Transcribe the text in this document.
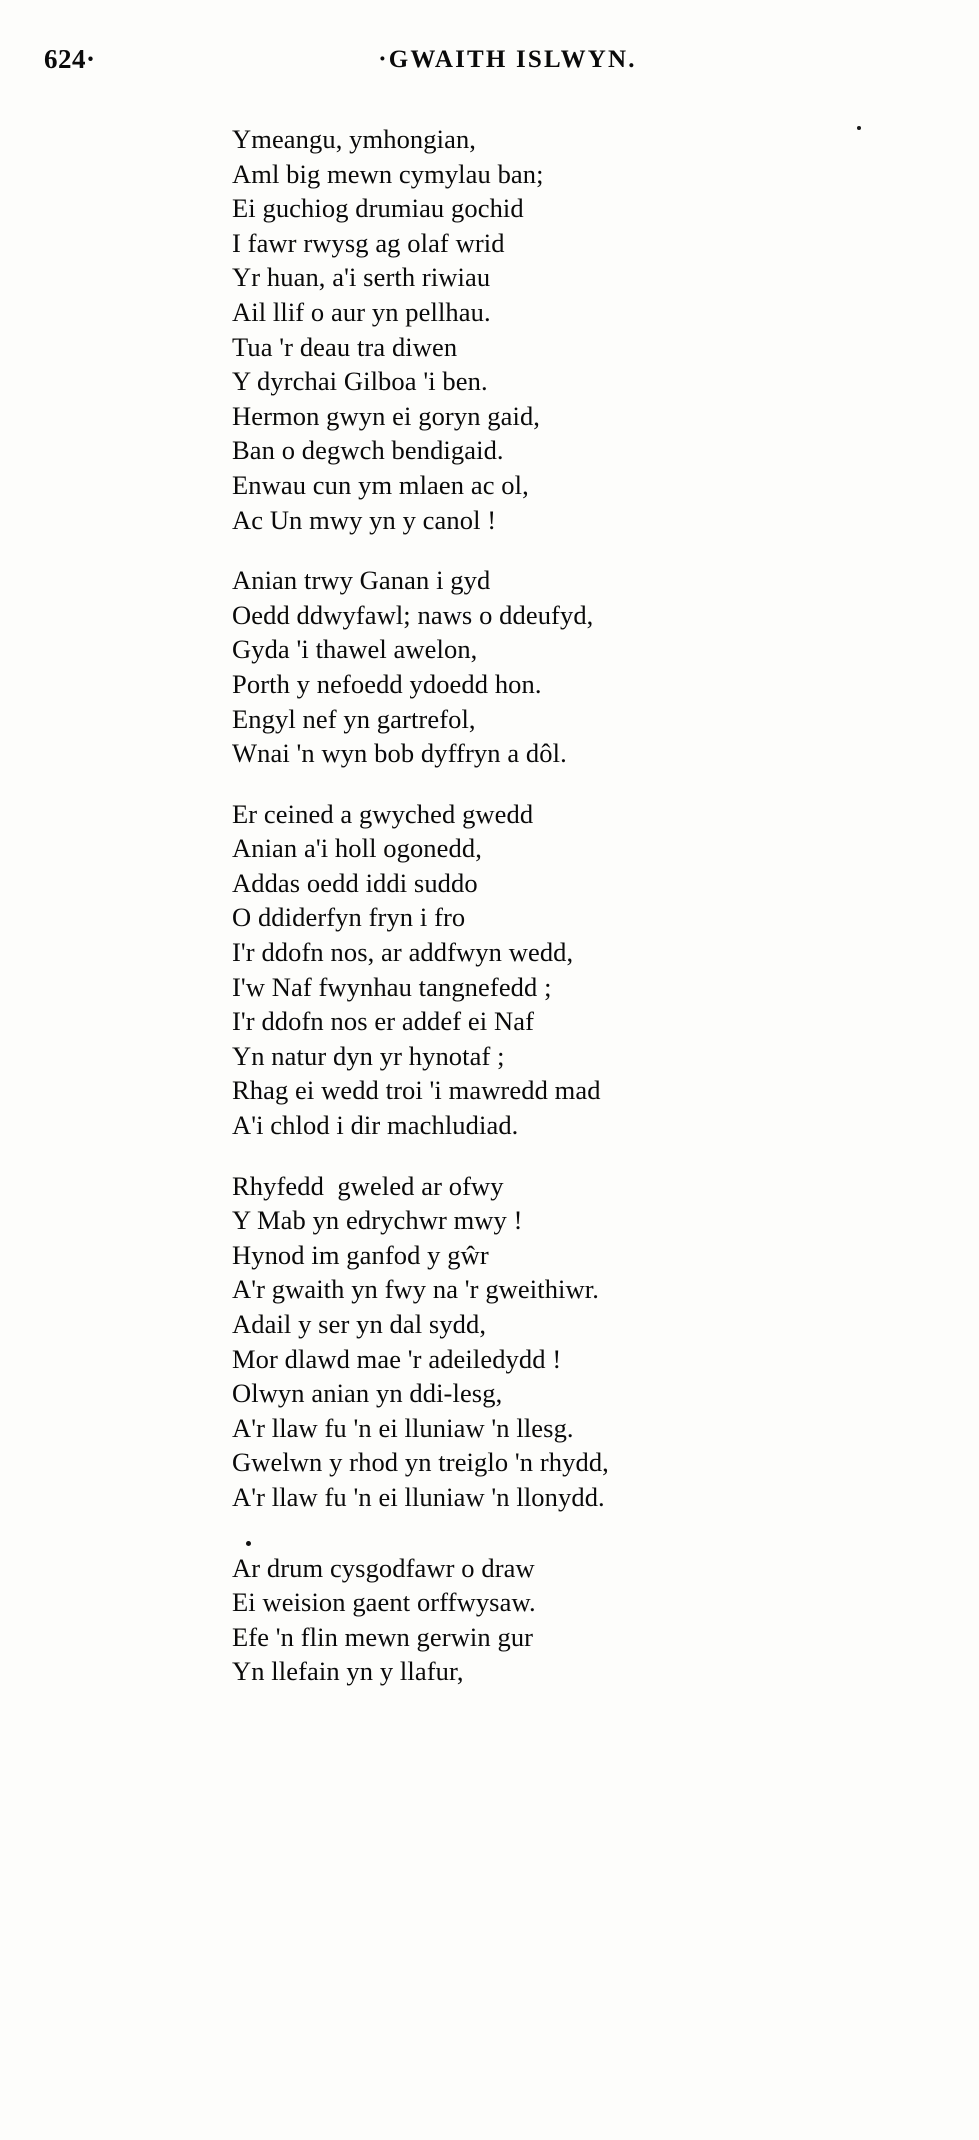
624·	·GWAITH ISLWYN.
Ymeangu, ymhongian,
Aml big mewn cymylau ban;
Ei guchiog drumiau gochid
I fawr rwysg ag olaf wrid
Yr huan, a'i serth riwiau
Ail llif o aur yn pellhau.
Tua 'r deau tra diwen
Y dyrchai Gilboa 'i ben.
Hermon gwyn ei goryn gaid,
Ban o degwch bendigaid.
Enwau cun ym mlaen ac ol,
Ac Un mwy yn y canol !
Anian trwy Ganan i gyd
Oedd ddwyfawl; naws o ddeufyd,
Gyda 'i thawel awelon,
Porth y nefoedd ydoedd hon.
Engyl nef yn gartrefol,
Wnai 'n wyn bob dyffryn a dôl.
Er ceined a gwyched gwedd
Anian a'i holl ogonedd,
Addas oedd iddi suddo
O ddiderfyn fryn i fro
I'r ddofn nos, ar addfwyn wedd,
I'w Naf fwynhau tangnefedd ;
I'r ddofn nos er addef ei Naf
Yn natur dyn yr hynotaf ;
Rhag ei wedd troi 'i mawredd mad
A'i chlod i dir machludiad.
Rhyfedd  gweled ar ofwy
Y Mab yn edrychwr mwy !
Hynod im ganfod y gŵr
A'r gwaith yn fwy na 'r gweithiwr.
Adail y ser yn dal sydd,
Mor dlawd mae 'r adeiledydd !
Olwyn anian yn ddi-lesg,
A'r llaw fu 'n ei lluniaw 'n llesg.
Gwelwn y rhod yn treiglo 'n rhydd,
A'r llaw fu 'n ei lluniaw 'n llonydd.
Ar drum cysgodfawr o draw
Ei weision gaent orffwysaw.
Efe 'n flin mewn gerwin gur
Yn llefain yn y llafur,
